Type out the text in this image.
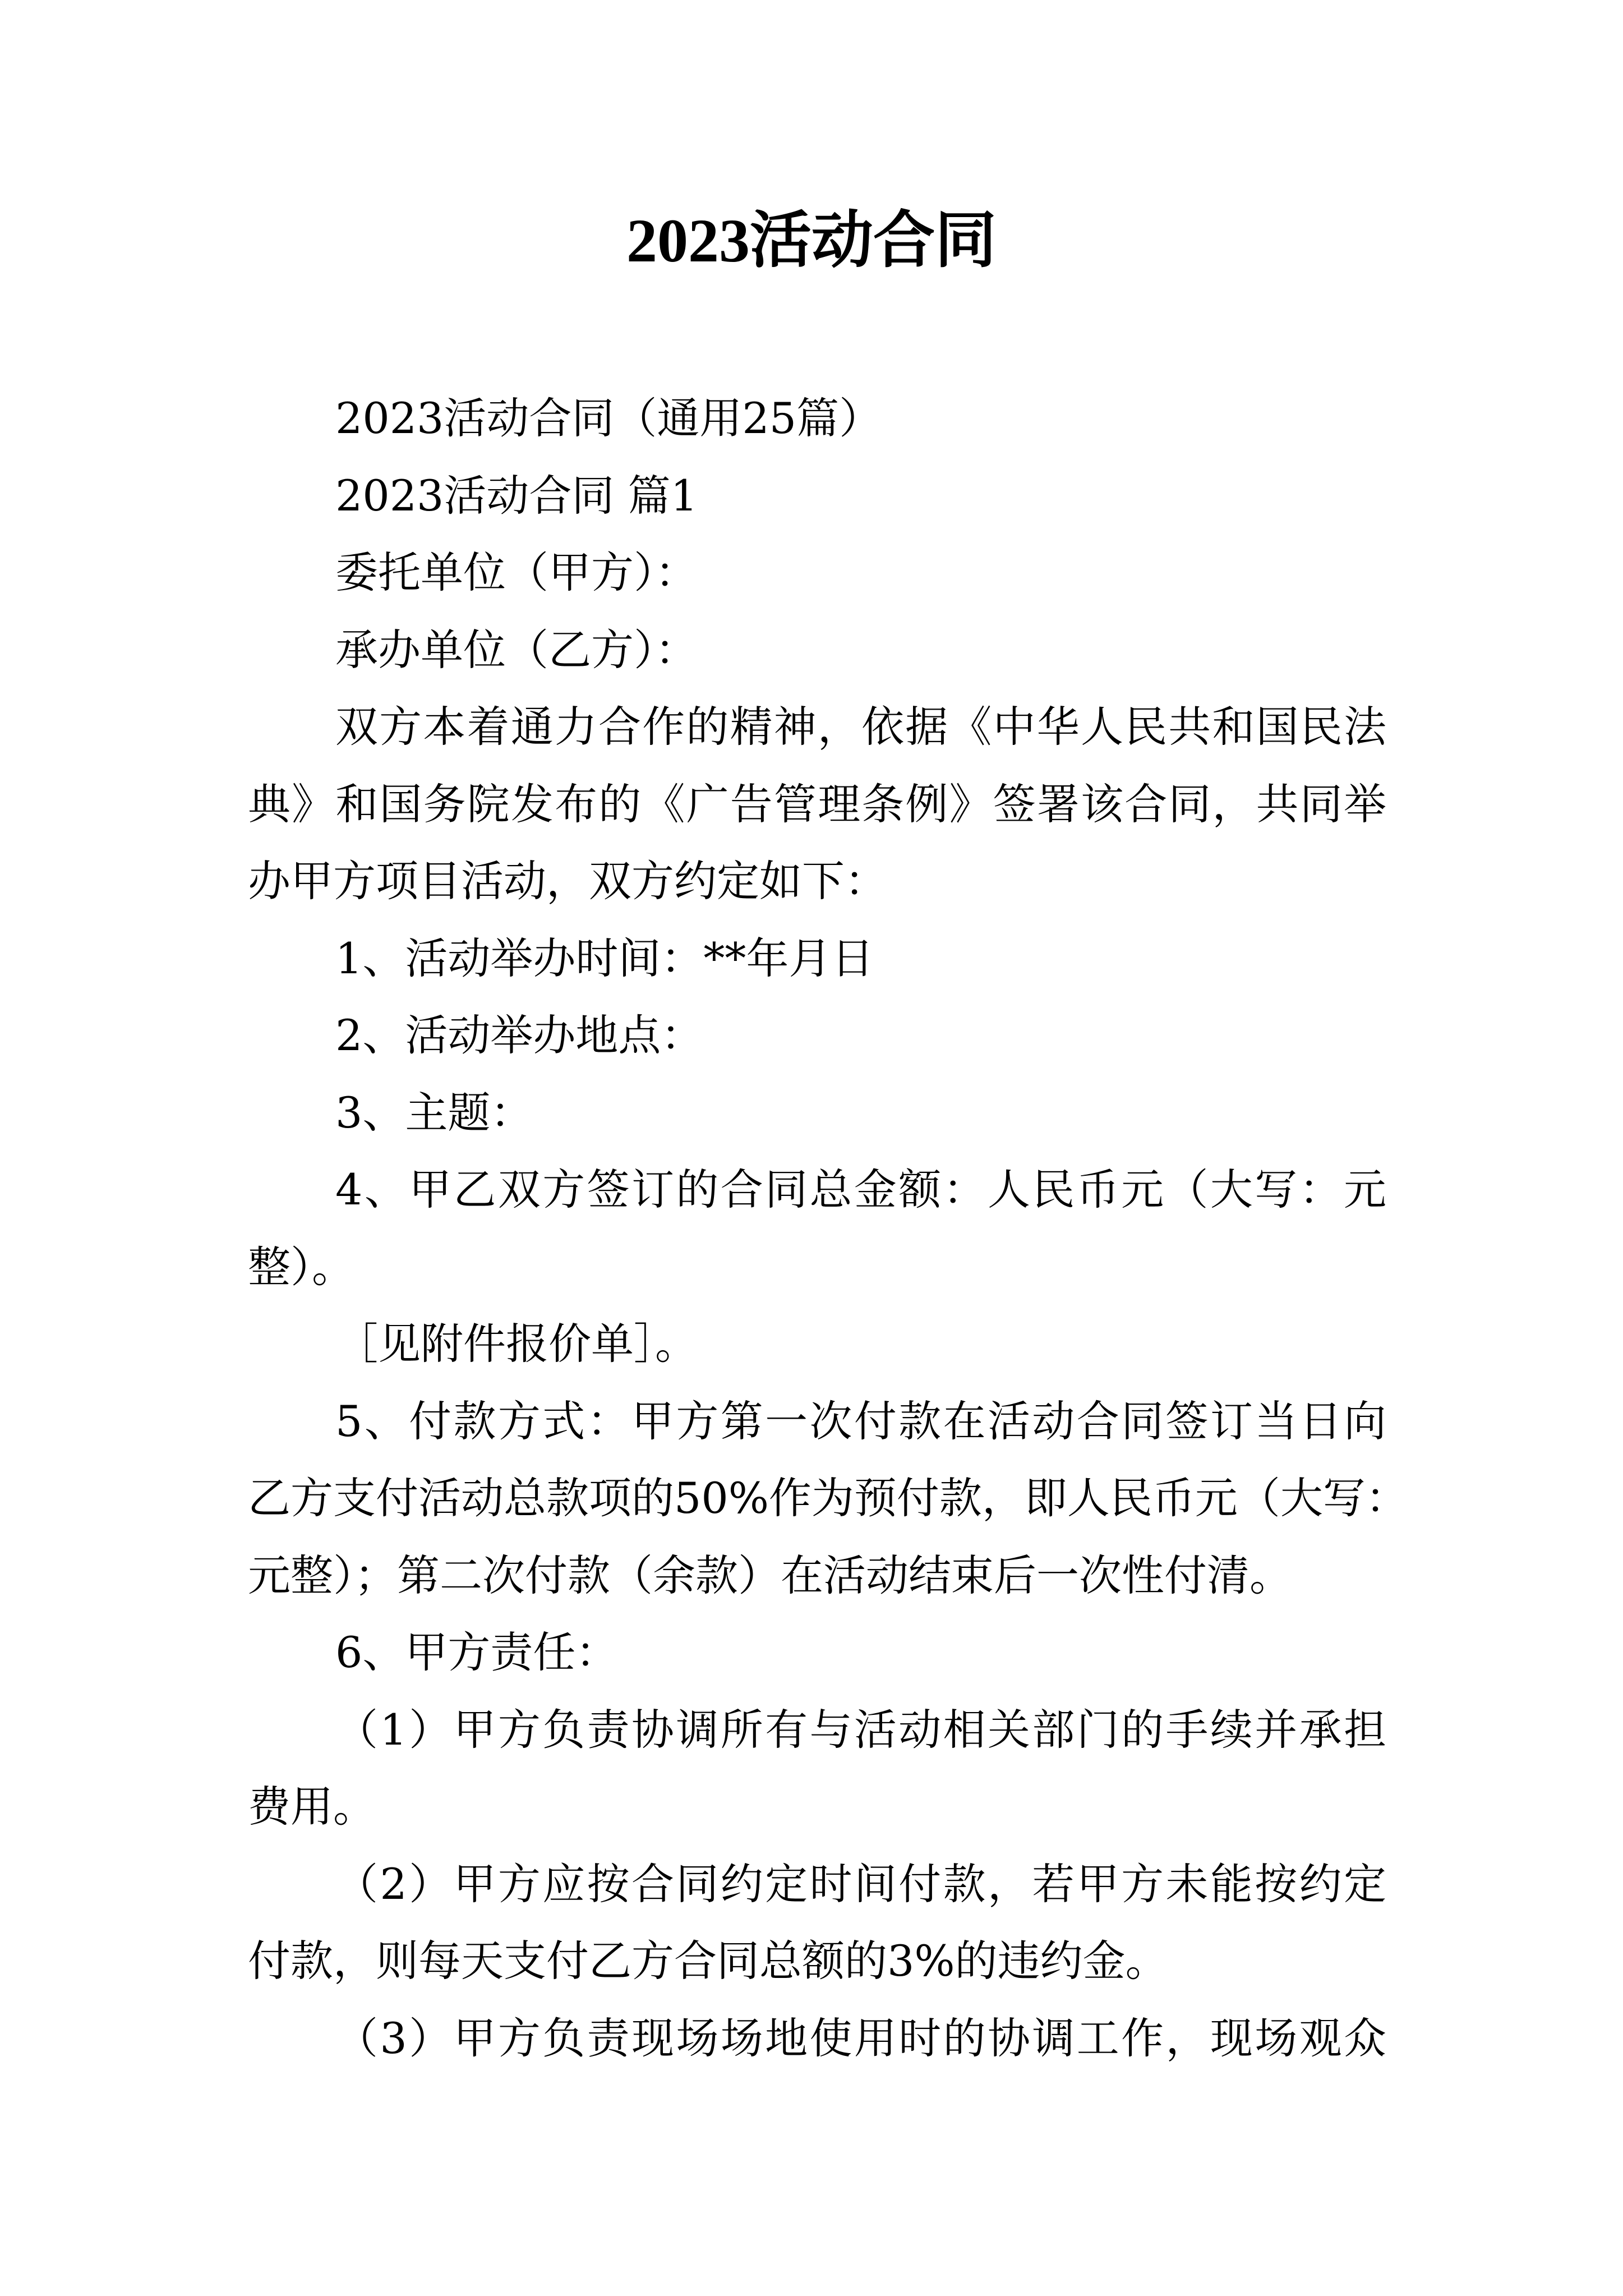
2023活动合同
2023活动合同（通用25篇）
2023活动合同 篇1
委托单位（甲方）：
承办单位（乙方）：
双方本着通力合作的精神，依据《中华人民共和国民法
典》和国务院发布的《广告管理条例》签署该合同，共同举
办甲方项目活动，双方约定如下：
1、活动举办时间：**年月日
2、活动举办地点：
3、主题：
4、甲乙双方签订的合同总金额：人民币元（大写：元
整）。
［见附件报价单］。
5、付款方式：甲方第一次付款在活动合同签订当日向
乙方支付活动总款项的50%作为预付款，即人民币元（大写：
元整）；第二次付款（余款）在活动结束后一次性付清。
6、甲方责任：
（1）甲方负责协调所有与活动相关部门的手续并承担
费用。
（2）甲方应按合同约定时间付款，若甲方未能按约定
付款，则每天支付乙方合同总额的3%的违约金。
（3）甲方负责现场场地使用时的协调工作，现场观众
